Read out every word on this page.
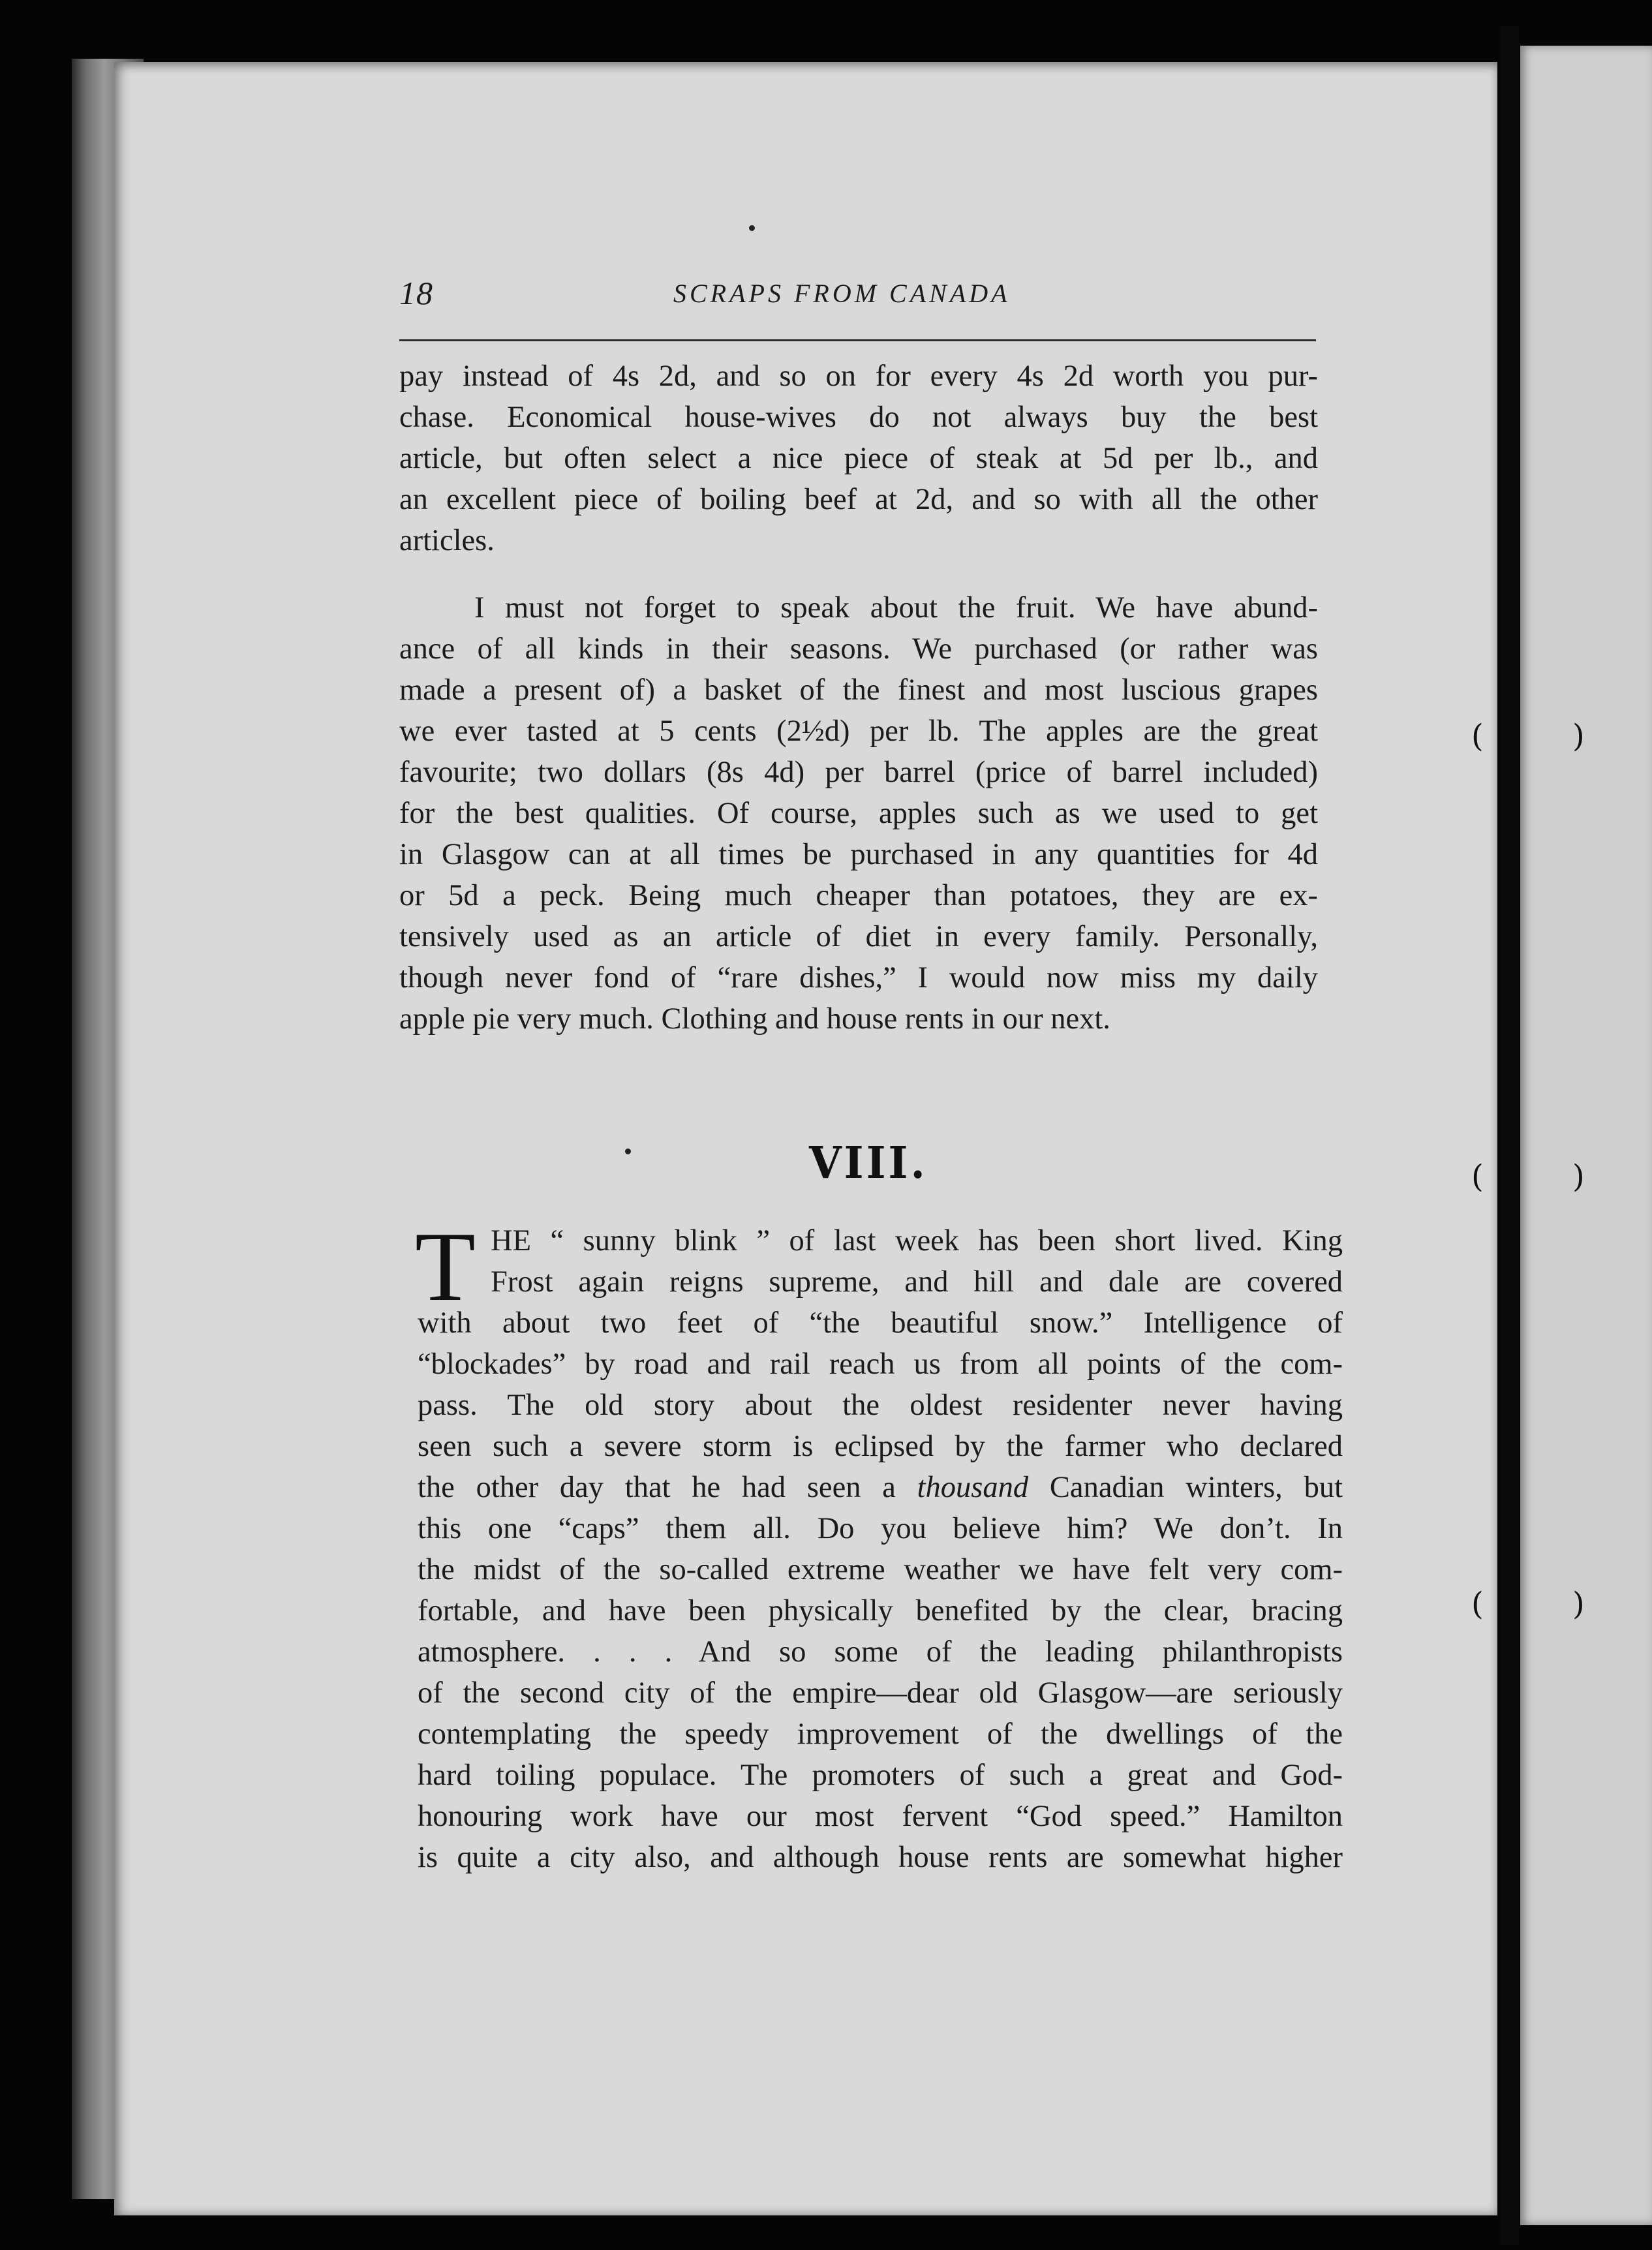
(	)
(	)
(	)
18	SCRAPS FROM CANADA
pay instead of 4s 2d, and so on for every 4s 2d worth you pur-
chase. Economical house-wives do not always buy the best
article, but often select a nice piece of steak at 5d per lb., and
an excellent piece of boiling beef at 2d, and so with all the other
articles.
I must not forget to speak about the fruit. We have abund-
ance of all kinds in their seasons. We purchased (or rather was
made a present of) a basket of the finest and most luscious grapes
we ever tasted at 5 cents (2½d) per lb. The apples are the great
favourite; two dollars (8s 4d) per barrel (price of barrel included)
for the best qualities. Of course, apples such as we used to get
in Glasgow can at all times be purchased in any quantities for 4d
or 5d a peck. Being much cheaper than potatoes, they are ex-
tensively used as an article of diet in every family. Personally,
though never fond of “rare dishes,” I would now miss my daily
apple pie very much. Clothing and house rents in our next.
VIII.
T HE “ sunny blink ” of last week has been short lived. King
Frost again reigns supreme, and hill and dale are covered
with about two feet of “the beautiful snow.” Intelligence of
“blockades” by road and rail reach us from all points of the com-
pass. The old story about the oldest residenter never having
seen such a severe storm is eclipsed by the farmer who declared
the other day that he had seen a thousand Canadian winters, but
this one “caps” them all. Do you believe him? We don’t. In
the midst of the so-called extreme weather we have felt very com-
fortable, and have been physically benefited by the clear, bracing
atmosphere. . . . And so some of the leading philanthropists
of the second city of the empire—dear old Glasgow—are seriously
contemplating the speedy improvement of the dwellings of the
hard toiling populace. The promoters of such a great and God-
honouring work have our most fervent “God speed.” Hamilton
is quite a city also, and although house rents are somewhat higher
